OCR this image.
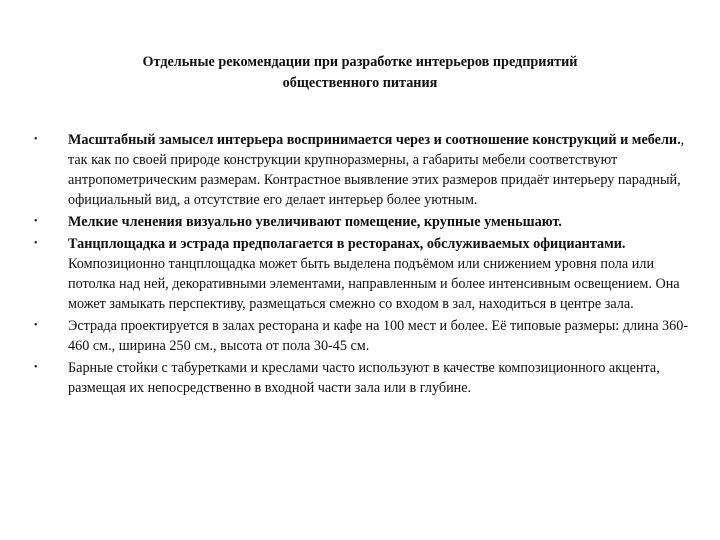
Отдельные рекомендации при разработке интерьеров предприятий
общественного питания
•	Масштабный замысел интерьера воспринимается через и соотношение конструкций и мебели., так как по своей природе конструкции крупноразмерны, а габариты мебели соответствуют антропометрическим размерам. Контрастное выявление этих размеров придаёт интерьеру парадный, официальный вид, а отсутствие его делает интерьер более уютным.
•	Мелкие членения визуально увеличивают помещение, крупные уменьшают.
•	Танцплощадка и эстрада предполагается в ресторанах, обслуживаемых официантами. Композиционно танцплощадка может быть выделена подъёмом или снижением уровня пола или потолка над ней, декоративными элементами, направленным и более интенсивным освещением. Она может замыкать перспективу, размещаться смежно со входом в зал, находиться в центре зала.
•	Эстрада проектируется в залах ресторана и кафе на 100 мест и более. Её типовые размеры: длина 360-460 см., ширина 250 см., высота от пола 30-45 см.
•	Барные стойки с табуретками и креслами часто используют в качестве композиционного акцента, размещая их непосредственно в входной части зала или в глубине.
